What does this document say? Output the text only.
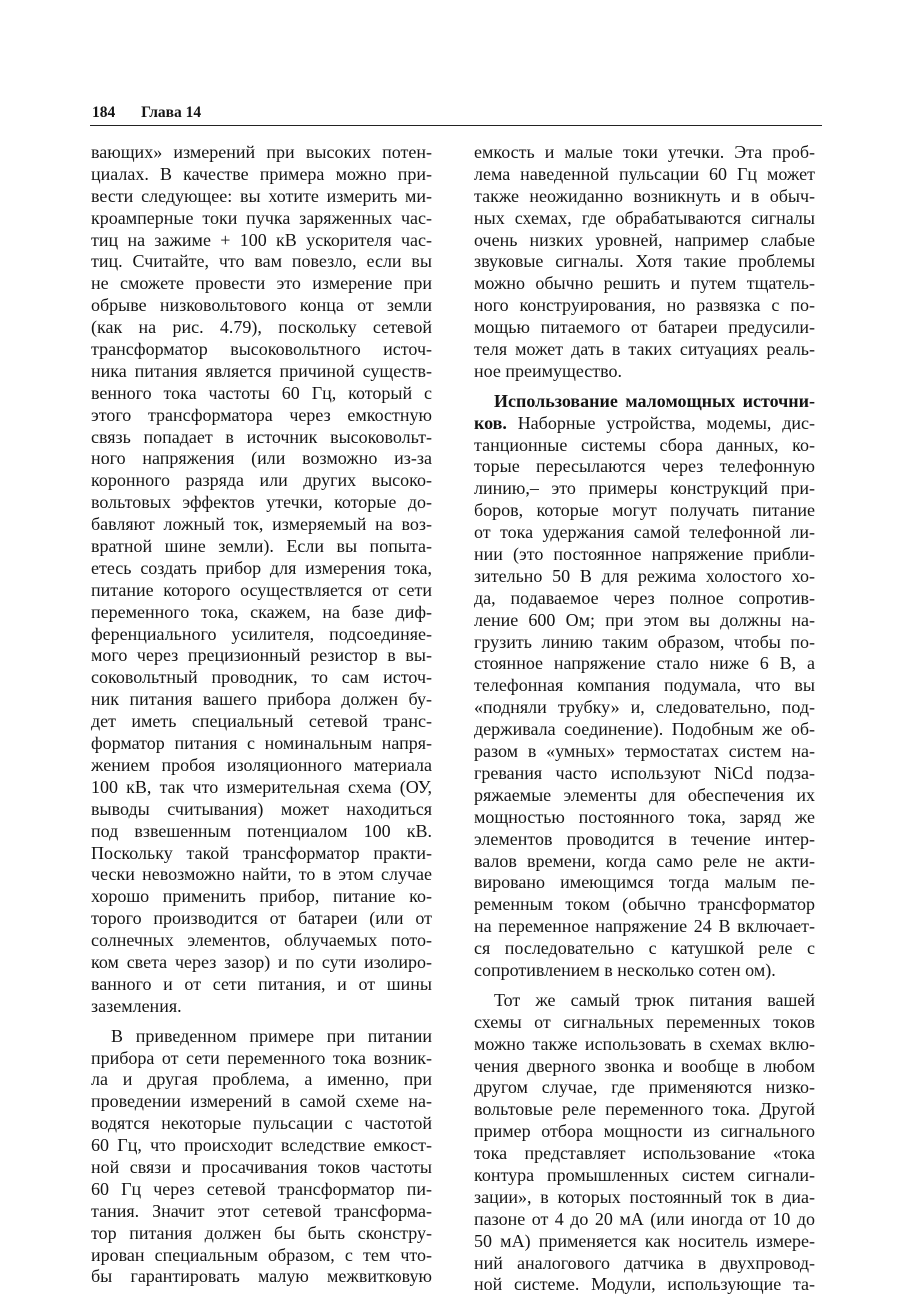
184 Глава 14
вающих» измерений при высоких потен-
циалах. В качестве примера можно при-
вести следующее: вы хотите измерить ми-
кроамперные токи пучка заряженных час-
тиц на зажиме + 100 кВ ускорителя час-
тиц. Считайте, что вам повезло, если вы
не сможете провести это измерение при
обрыве низковольтового конца от земли
(как на рис. 4.79), поскольку сетевой
трансформатор высоковольтного источ-
ника питания является причиной существ-
венного тока частоты 60 Гц, который с
этого трансформатора через емкостную
связь попадает в источник высоковольт-
ного напряжения (или возможно из-за
коронного разряда или других высоко-
вольтовых эффектов утечки, которые до-
бавляют ложный ток, измеряемый на воз-
вратной шине земли). Если вы попыта-
етесь создать прибор для измерения тока,
питание которого осуществляется от сети
переменного тока, скажем, на базе диф-
ференциального усилителя, подсоединяе-
мого через прецизионный резистор в вы-
соковольтный проводник, то сам источ-
ник питания вашего прибора должен бу-
дет иметь специальный сетевой транс-
форматор питания с номинальным напря-
жением пробоя изоляционного материала
100 кВ, так что измерительная схема (ОУ,
выводы считывания) может находиться
под взвешенным потенциалом 100 кВ.
Поскольку такой трансформатор практи-
чески невозможно найти, то в этом случае
хорошо применить прибор, питание ко-
торого производится от батареи (или от
солнечных элементов, облучаемых пото-
ком света через зазор) и по сути изолиро-
ванного и от сети питания, и от шины
заземления.
В приведенном примере при питании
прибора от сети переменного тока возник-
ла и другая проблема, а именно, при
проведении измерений в самой схеме на-
водятся некоторые пульсации с частотой
60 Гц, что происходит вследствие емкост-
ной связи и просачивания токов частоты
60 Гц через сетевой трансформатор пи-
тания. Значит этот сетевой трансформа-
тор питания должен бы быть сконстру-
ирован специальным образом, с тем что-
бы гарантировать малую межвитковую
емкость и малые токи утечки. Эта проб-
лема наведенной пульсации 60 Гц может
также неожиданно возникнуть и в обыч-
ных схемах, где обрабатываются сигналы
очень низких уровней, например слабые
звуковые сигналы. Хотя такие проблемы
можно обычно решить и путем тщатель-
ного конструирования, но развязка с по-
мощью питаемого от батареи предусили-
теля может дать в таких ситуациях реаль-
ное преимущество.
Использование маломощных источни-
ков. Наборные устройства, модемы, дис-
танционные системы сбора данных, ко-
торые пересылаются через телефонную
линию,– это примеры конструкций при-
боров, которые могут получать питание
от тока удержания самой телефонной ли-
нии (это постоянное напряжение прибли-
зительно 50 В для режима холостого хо-
да, подаваемое через полное сопротив-
ление 600 Ом; при этом вы должны на-
грузить линию таким образом, чтобы по-
стоянное напряжение стало ниже 6 В, а
телефонная компания подумала, что вы
«подняли трубку» и, следовательно, под-
держивала соединение). Подобным же об-
разом в «умных» термостатах систем на-
гревания часто используют NiCd подза-
ряжаемые элементы для обеспечения их
мощностью постоянного тока, заряд же
элементов проводится в течение интер-
валов времени, когда само реле не акти-
вировано имеющимся тогда малым пе-
ременным током (обычно трансформатор
на переменное напряжение 24 В включает-
ся последовательно с катушкой реле с
сопротивлением в несколько сотен ом).
Тот же самый трюк питания вашей
схемы от сигнальных переменных токов
можно также использовать в схемах вклю-
чения дверного звонка и вообще в любом
другом случае, где применяются низко-
вольтовые реле переменного тока. Другой
пример отбора мощности из сигнального
тока представляет использование «тока
контура промышленных систем сигнали-
зации», в которых постоянный ток в диа-
пазоне от 4 до 20 мА (или иногда от 10 до
50 мА) применяется как носитель измере-
ний аналогового датчика в двухпровод-
ной системе. Модули, использующие та-
